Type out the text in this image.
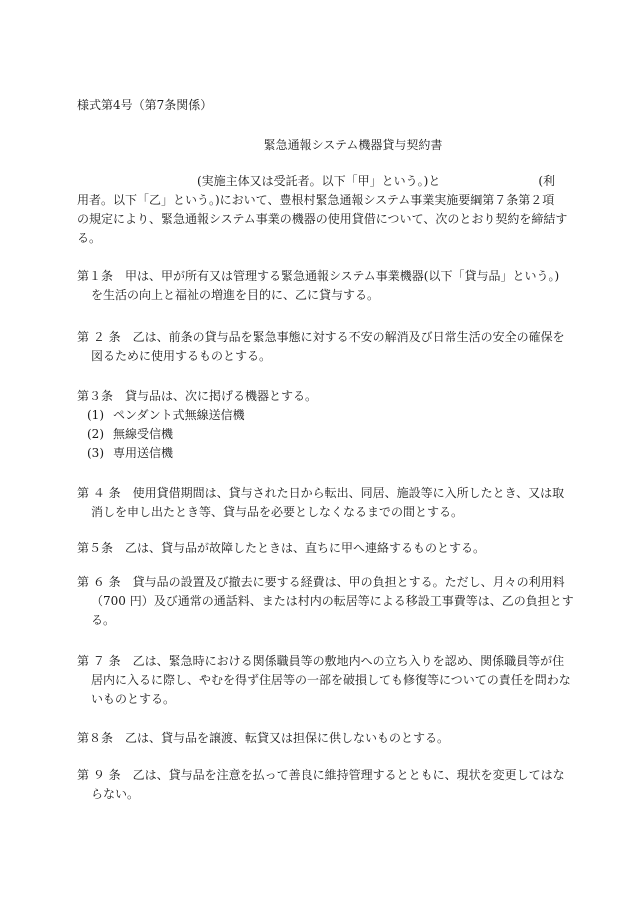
様式第4号（第7条関係）
緊急通報システム機器貸与契約書
(実施主体又は受託者。以下「甲」という。)と	(利
用者。以下「乙」という。)において、豊根村緊急通報システム事業実施要綱第７条第２項
の規定により、緊急通報システム事業の機器の使用貸借について、次のとおり契約を締結す
る。
第１条　甲は、甲が所有又は管理する緊急通報システム事業機器(以下「貸与品」という。)
を生活の向上と福祉の増進を目的に、乙に貸与する。
第 ２ 条　乙は、前条の貸与品を緊急事態に対する不安の解消及び日常生活の安全の確保を
図るために使用するものとする。
第３条　貸与品は、次に掲げる機器とする。
(1) ペンダント式無線送信機
(2) 無線受信機
(3) 専用送信機
第 ４ 条　使用貸借期間は、貸与された日から転出、同居、施設等に入所したとき、又は取
消しを申し出たとき等、貸与品を必要としなくなるまでの間とする。
第５条　乙は、貸与品が故障したときは、直ちに甲へ連絡するものとする。
第 ６ 条　貸与品の設置及び撤去に要する経費は、甲の負担とする。ただし、月々の利用料
（700 円）及び通常の通話料、または村内の転居等による移設工事費等は、乙の負担とす
る。
第 ７ 条　乙は、緊急時における関係職員等の敷地内への立ち入りを認め、関係職員等が住
居内に入るに際し、やむを得ず住居等の一部を破損しても修復等についての責任を問わな
いものとする。
第８条　乙は、貸与品を譲渡、転貸又は担保に供しないものとする。
第 ９ 条　乙は、貸与品を注意を払って善良に維持管理するとともに、現状を変更してはな
らない。
